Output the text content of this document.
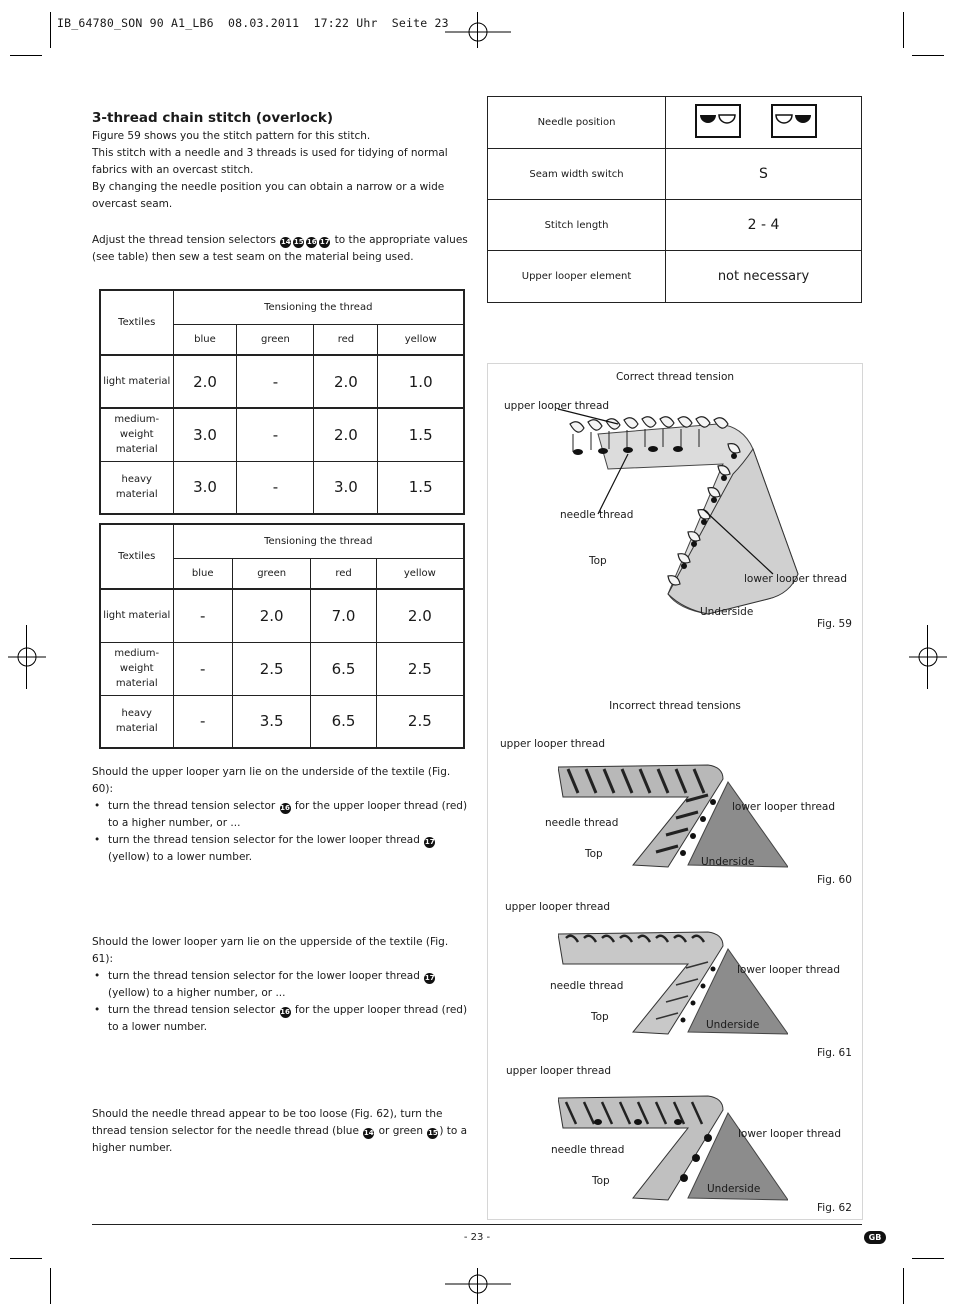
IB_64780_SON 90 A1_LB6  08.03.2011  17:22 Uhr  Seite 23
3-thread chain stitch (overlock)

Figure 59 shows you the stitch pattern for this stitch.

This stitch with a needle and 3 threads is used for tidying of normal fabrics with an overcast stitch.

By changing the needle position you can obtain a narrow or a wide overcast seam.

Adjust the thread tension selectors 14 15 16 17 to the appropriate values (see table) then sew a test seam on the material being used.

Textiles	Tensioning the thread			
	blue	green	red	yellow
light material	2.0	-	2.0	1.0
medium-weight material	3.0	-	2.0	1.5
heavy material	3.0	-	3.0	1.5
Textiles	Tensioning the thread			
	blue	green	red	yellow
light material	-	2.0	7.0	2.0
medium-weight material	-	2.5	6.5	2.5
heavy material	-	3.5	6.5	2.5

Should the upper looper yarn lie on the underside of the textile (Fig. 60):

• turn the thread tension selector 16 for the upper looper thread (red) to a higher number, or ...
• turn the thread tension selector for the lower looper thread 17 (yellow) to a lower number.

Should the lower looper yarn lie on the upperside of the textile (Fig. 61):

• turn the thread tension selector for the lower looper thread 17 (yellow) to a higher number, or ...
• turn the thread tension selector 16 for the upper looper thread (red) to a lower number.

Should the needle thread appear to be too loose (Fig. 62), turn the thread tension selector for the needle thread (blue 14 or green 15 ) to a higher number.

Needle position	
Seam width switch	S
Stitch length	2 - 4
Upper looper element	not necessary
Correct thread tension
upper looper thread
needle thread
Top
lower looper thread
Underside
Fig. 59
Incorrect thread tensions
upper looper thread
lower looper thread
needle thread
Top
Underside
Fig. 60
upper looper thread
lower looper thread
needle thread
Top
Underside
Fig. 61
upper looper thread
lower looper thread
needle thread
Top
Underside
Fig. 62
- 23 -	GB
